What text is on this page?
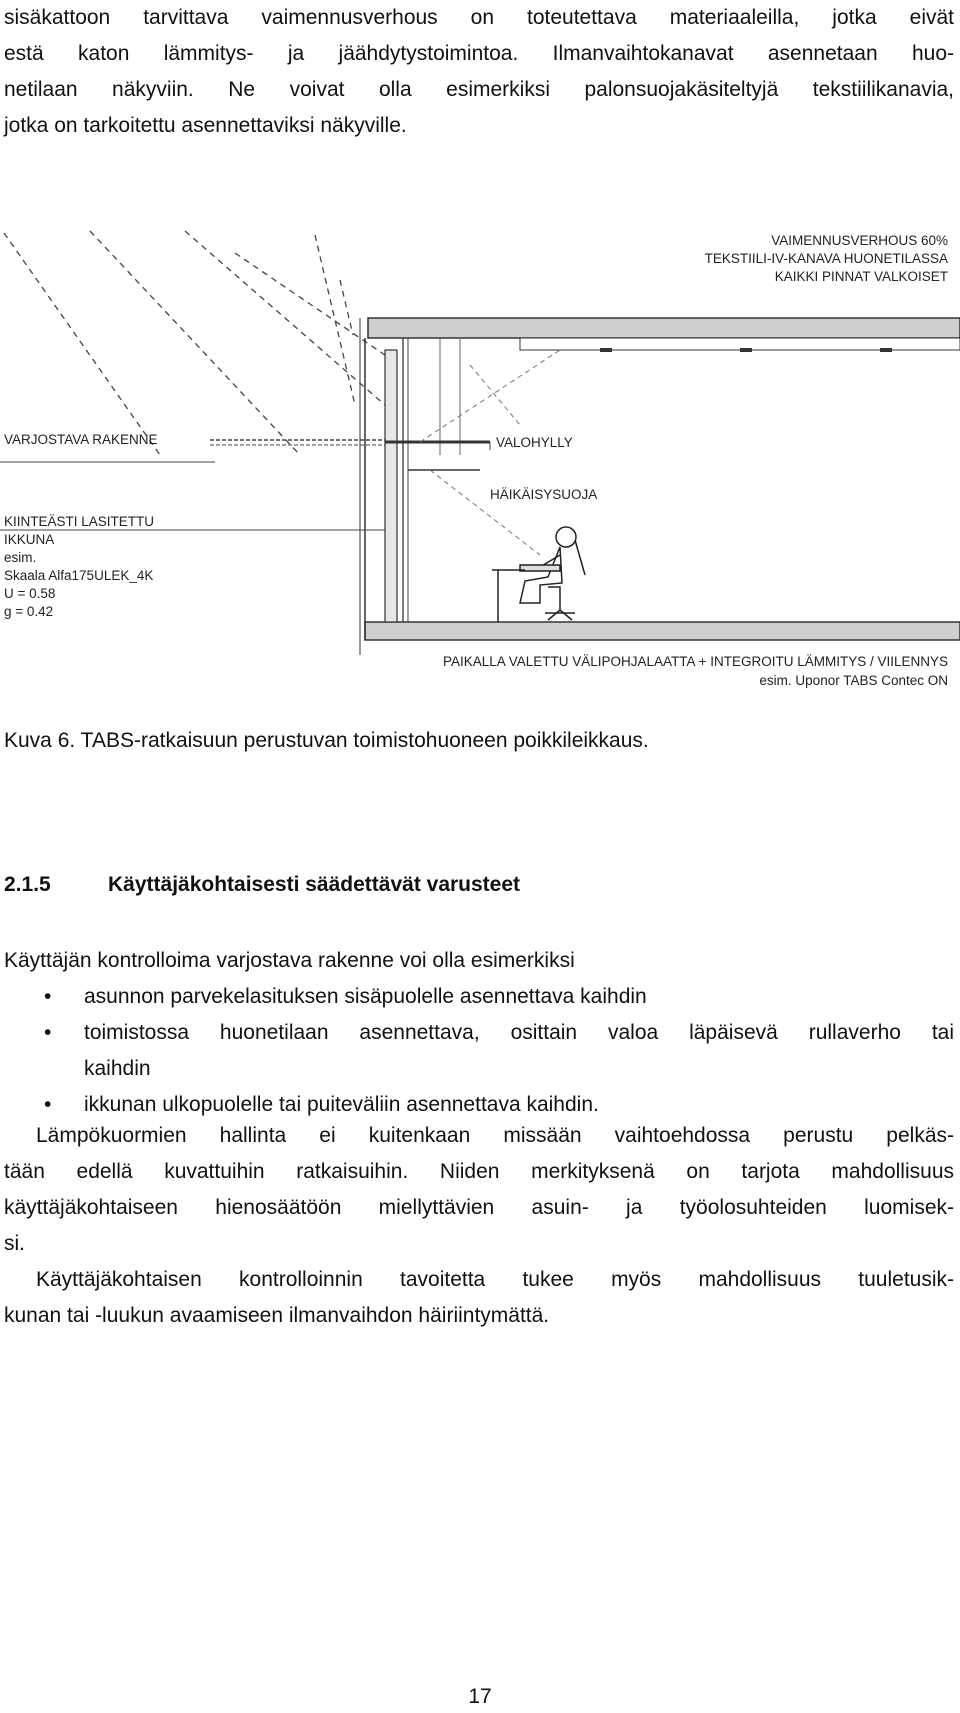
sisäkattoon tarvittava vaimennusverhous on toteutettava materiaaleilla, jotka eivät
estä katon lämmitys- ja jäähdytystoimintoa. Ilmanvaihtokanavat asennetaan huo-
netilaan näkyviin. Ne voivat olla esimerkiksi palonsuojakäsiteltyjä tekstiilikanavia,
jotka on tarkoitettu asennettaviksi näkyville.
VAIMENNUSVERHOUS 60%
TEKSTIILI-IV-KANAVA HUONETILASSA
KAIKKI PINNAT VALKOISET
VARJOSTAVA RAKENNE	VALOHYLLY
HÄIKÄISYSUOJA
KIINTEÄSTI LASITETTU
IKKUNA
esim.
Skaala Alfa175ULEK_4K
U = 0.58
g = 0.42
PAIKALLA VALETTU VÄLIPOHJALAATTA + INTEGROITU LÄMMITYS / VIILENNYS
esim. Uponor TABS Contec ON

Kuva 6. TABS-ratkaisuun perustuvan toimistohuoneen poikkileikkaus.

2.1.5	Käyttäjäkohtaisesti säädettävät varusteet

Käyttäjän kontrolloima varjostava rakenne voi olla esimerkiksi

• asunnon parvekelasituksen sisäpuolelle asennettava kaihdin
• toimistossa huonetilaan asennettava, osittain valoa läpäisevä rullaverho tai
kaihdin
• ikkunan ulkopuolelle tai puiteväliin asennettava kaihdin.
Lämpökuormien hallinta ei kuitenkaan missään vaihtoehdossa perustu pelkäs-
tään edellä kuvattuihin ratkaisuihin. Niiden merkityksenä on tarjota mahdollisuus
käyttäjäkohtaiseen hienosäätöön miellyttävien asuin- ja työolosuhteiden luomisek-
si.
Käyttäjäkohtaisen kontrolloinnin tavoitetta tukee myös mahdollisuus tuuletusik-
kunan tai -luukun avaamiseen ilmanvaihdon häiriintymättä.

17
